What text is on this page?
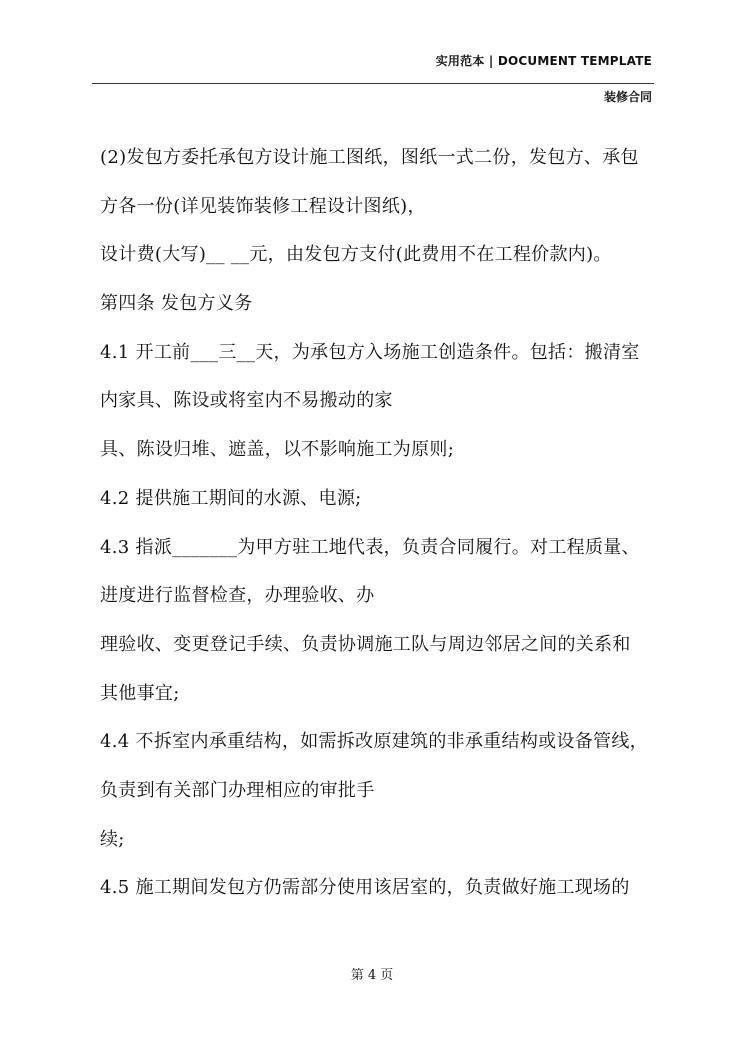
实用范本 | DOCUMENT TEMPLATE
装修合同
(2)发包方委托承包方设计施工图纸，图纸一式二份，发包方、承包
方各一份(详见装饰装修工程设计图纸)，
设计费(大写)__ __元，由发包方支付(此费用不在工程价款内)。
第四条 发包方义务
4.1 开工前___三__天，为承包方入场施工创造条件。包括：搬清室
内家具、陈设或将室内不易搬动的家
具、陈设归堆、遮盖，以不影响施工为原则;
4.2 提供施工期间的水源、电源;
4.3 指派_______为甲方驻工地代表，负责合同履行。对工程质量、
进度进行监督检查，办理验收、办
理验收、变更登记手续、负责协调施工队与周边邻居之间的关系和
其他事宜;
4.4 不拆室内承重结构，如需拆改原建筑的非承重结构或设备管线，
负责到有关部门办理相应的审批手
续;
4.5 施工期间发包方仍需部分使用该居室的，负责做好施工现场的
第 4 页
